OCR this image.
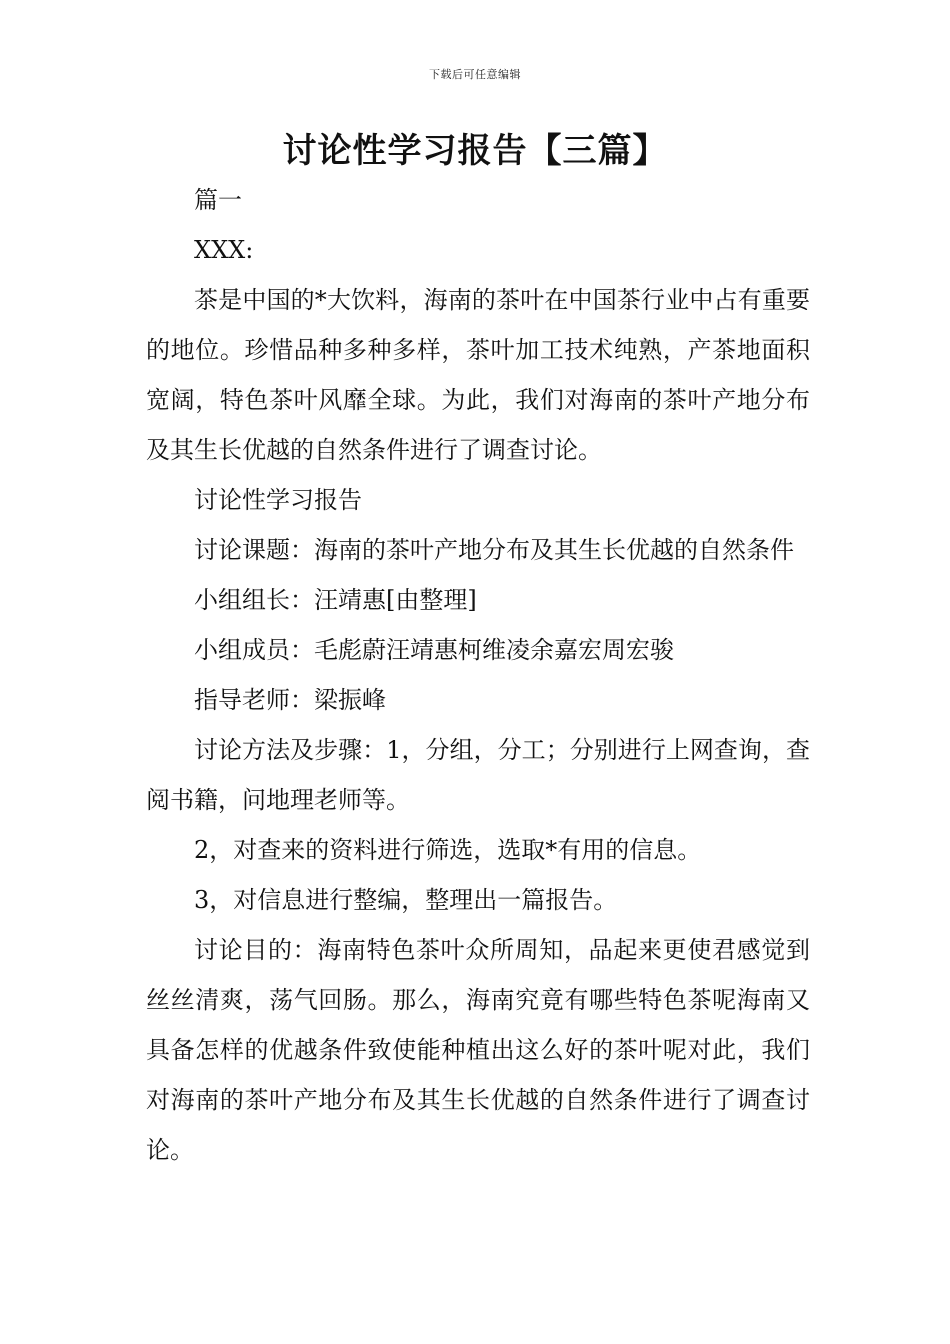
下载后可任意编辑
讨论性学习报告【三篇】

篇一

XXX:

茶是中国的*大饮料，海南的茶叶在中国茶行业中占有重要的地位。珍惜品种多种多样，茶叶加工技术纯熟，产茶地面积宽阔，特色茶叶风靡全球。为此，我们对海南的茶叶产地分布及其生长优越的自然条件进行了调查讨论。

讨论性学习报告

讨论课题：海南的茶叶产地分布及其生长优越的自然条件

小组组长：汪靖惠[由整理]

小组成员：毛彪蔚汪靖惠柯维凌余嘉宏周宏骏

指导老师：梁振峰

讨论方法及步骤：1，分组，分工；分别进行上网查询，查阅书籍，问地理老师等。

2，对查来的资料进行筛选，选取*有用的信息。

3，对信息进行整编，整理出一篇报告。

讨论目的：海南特色茶叶众所周知，品起来更使君感觉到丝丝清爽，荡气回肠。那么，海南究竟有哪些特色茶呢海南又具备怎样的优越条件致使能种植出这么好的茶叶呢对此，我们对海南的茶叶产地分布及其生长优越的自然条件进行了调查讨论。
